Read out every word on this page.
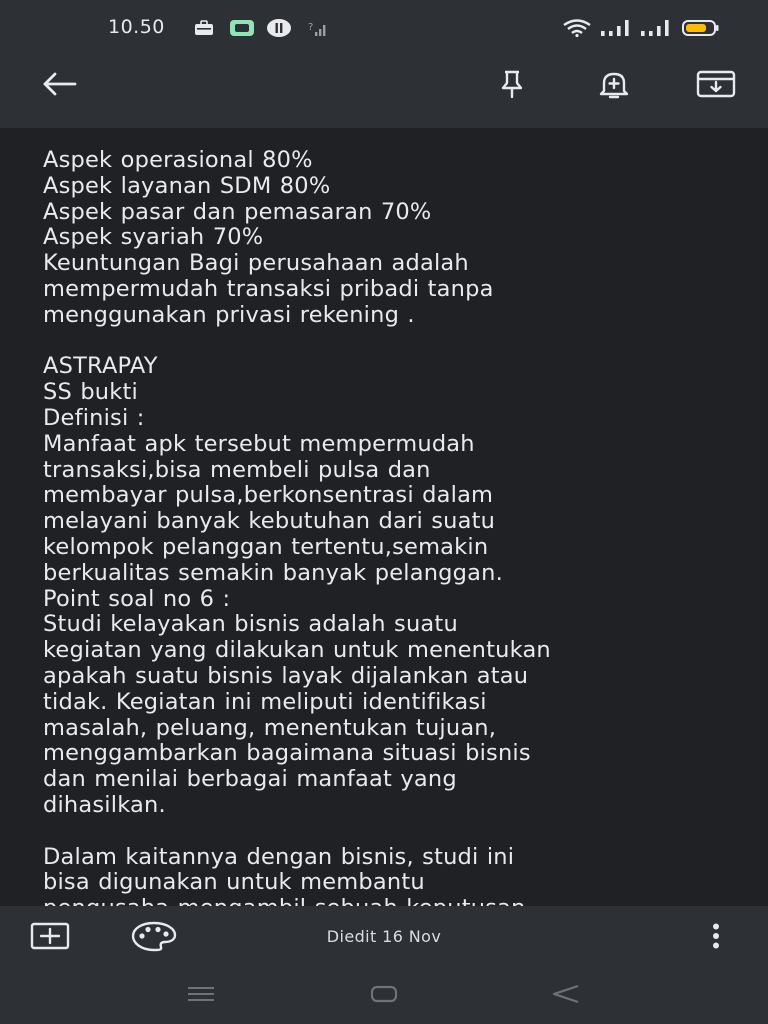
10.50	?
Aspek operasional 80%
Aspek layanan SDM 80%
Aspek pasar dan pemasaran 70%
Aspek syariah 70%
Keuntungan Bagi perusahaan adalah
mempermudah transaksi pribadi tanpa
menggunakan privasi rekening .

ASTRAPAY
SS bukti
Definisi :
Manfaat apk tersebut mempermudah
transaksi,bisa membeli pulsa dan
membayar pulsa,berkonsentrasi dalam
melayani banyak kebutuhan dari suatu
kelompok pelanggan tertentu,semakin
berkualitas semakin banyak pelanggan.
Point soal no 6 :
Studi kelayakan bisnis adalah suatu
kegiatan yang dilakukan untuk menentukan
apakah suatu bisnis layak dijalankan atau
tidak. Kegiatan ini meliputi identifikasi
masalah, peluang, menentukan tujuan,
menggambarkan bagaimana situasi bisnis
dan menilai berbagai manfaat yang
dihasilkan.

Dalam kaitannya dengan bisnis, studi ini
bisa digunakan untuk membantu

Diedit 16 Nov
